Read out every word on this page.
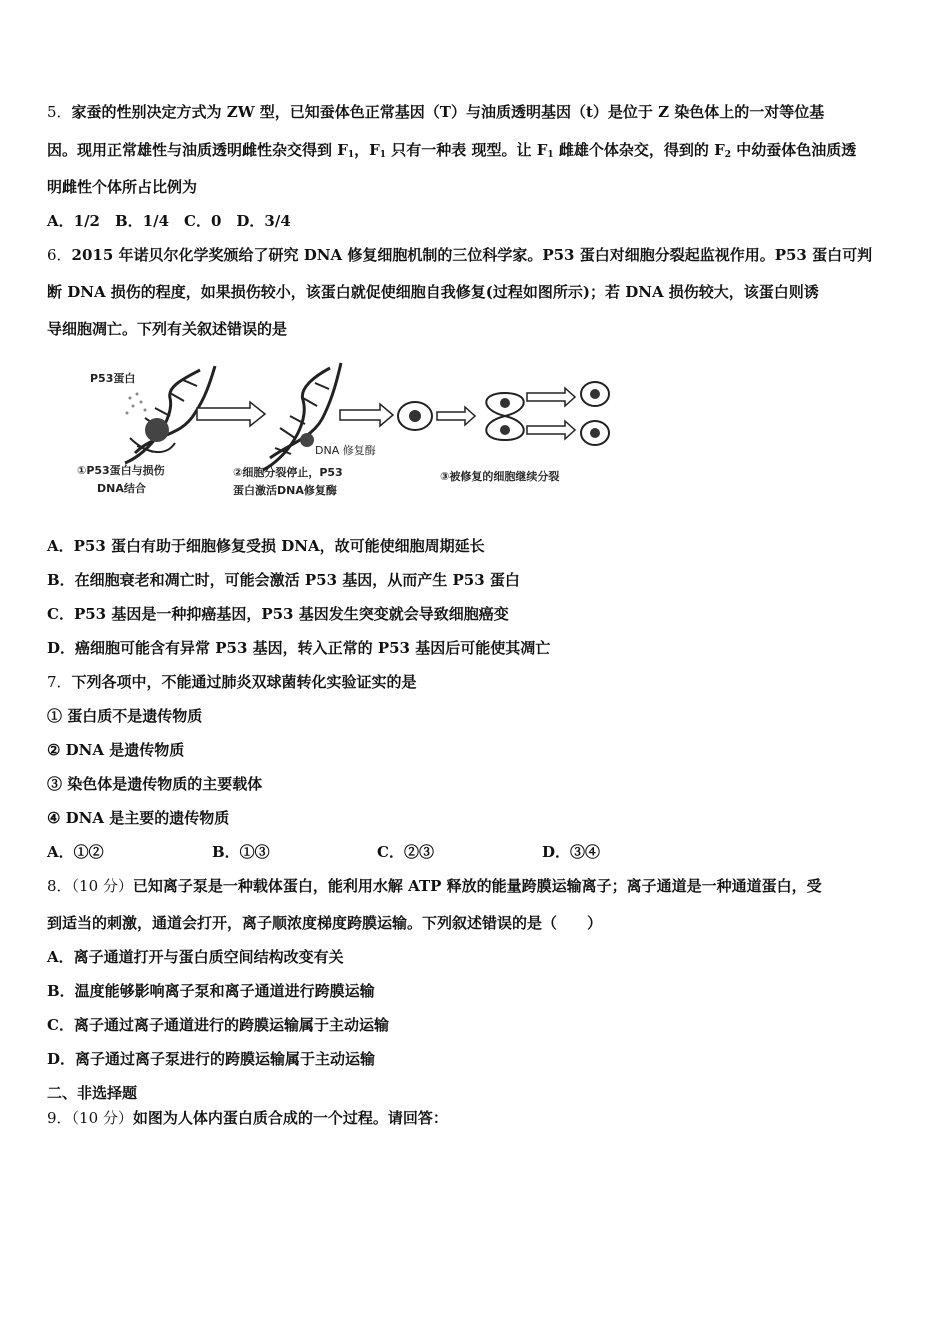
5．家蚕的性别决定方式为 ZW 型，已知蚕体色正常基因（T）与油质透明基因（t）是位于 Z 染色体上的一对等位基
因。现用正常雄性与油质透明雌性杂交得到 $F_1$，$F_1$ 只有一种表 现型。让 $F_1$ 雌雄个体杂交，得到的 $F_2$ 中幼蚕体色油质透
明雌性个体所占比例为
A．1/2　B．1/4　C．0　D．3/4
6．2015 年诺贝尔化学奖颁给了研究 DNA 修复细胞机制的三位科学家。P53 蛋白对细胞分裂起监视作用。P53 蛋白可判
断 DNA 损伤的程度，如果损伤较小，该蛋白就促使细胞自我修复(过程如图所示)；若 DNA 损伤较大，该蛋白则诱
导细胞凋亡。下列有关叙述错误的是
P53蛋白
DNA 修复酶
①P53蛋白与损伤
DNA结合
②细胞分裂停止，P53
蛋白激活DNA修复酶
③被修复的细胞继续分裂
A．P53 蛋白有助于细胞修复受损 DNA，故可能使细胞周期延长
B．在细胞衰老和凋亡时，可能会激活 P53 基因，从而产生 P53 蛋白
C．P53 基因是一种抑癌基因，P53 基因发生突变就会导致细胞癌变
D．癌细胞可能含有异常 P53 基因，转入正常的 P53 基因后可能使其凋亡
7．下列各项中，不能通过肺炎双球菌转化实验证实的是
① 蛋白质不是遗传物质
② DNA 是遗传物质
③ 染色体是遗传物质的主要载体
④ DNA 是主要的遗传物质
A．①②	B．①③	C．②③	D．③④
8．（10 分）已知离子泵是一种载体蛋白，能利用水解 ATP 释放的能量跨膜运输离子；离子通道是一种通道蛋白，受
到适当的刺激，通道会打开，离子顺浓度梯度跨膜运输。下列叙述错误的是（　　）
A．离子通道打开与蛋白质空间结构改变有关
B．温度能够影响离子泵和离子通道进行跨膜运输
C．离子通过离子通道进行的跨膜运输属于主动运输
D．离子通过离子泵进行的跨膜运输属于主动运输
二、非选择题
9．（10 分）如图为人体内蛋白质合成的一个过程。请回答：
